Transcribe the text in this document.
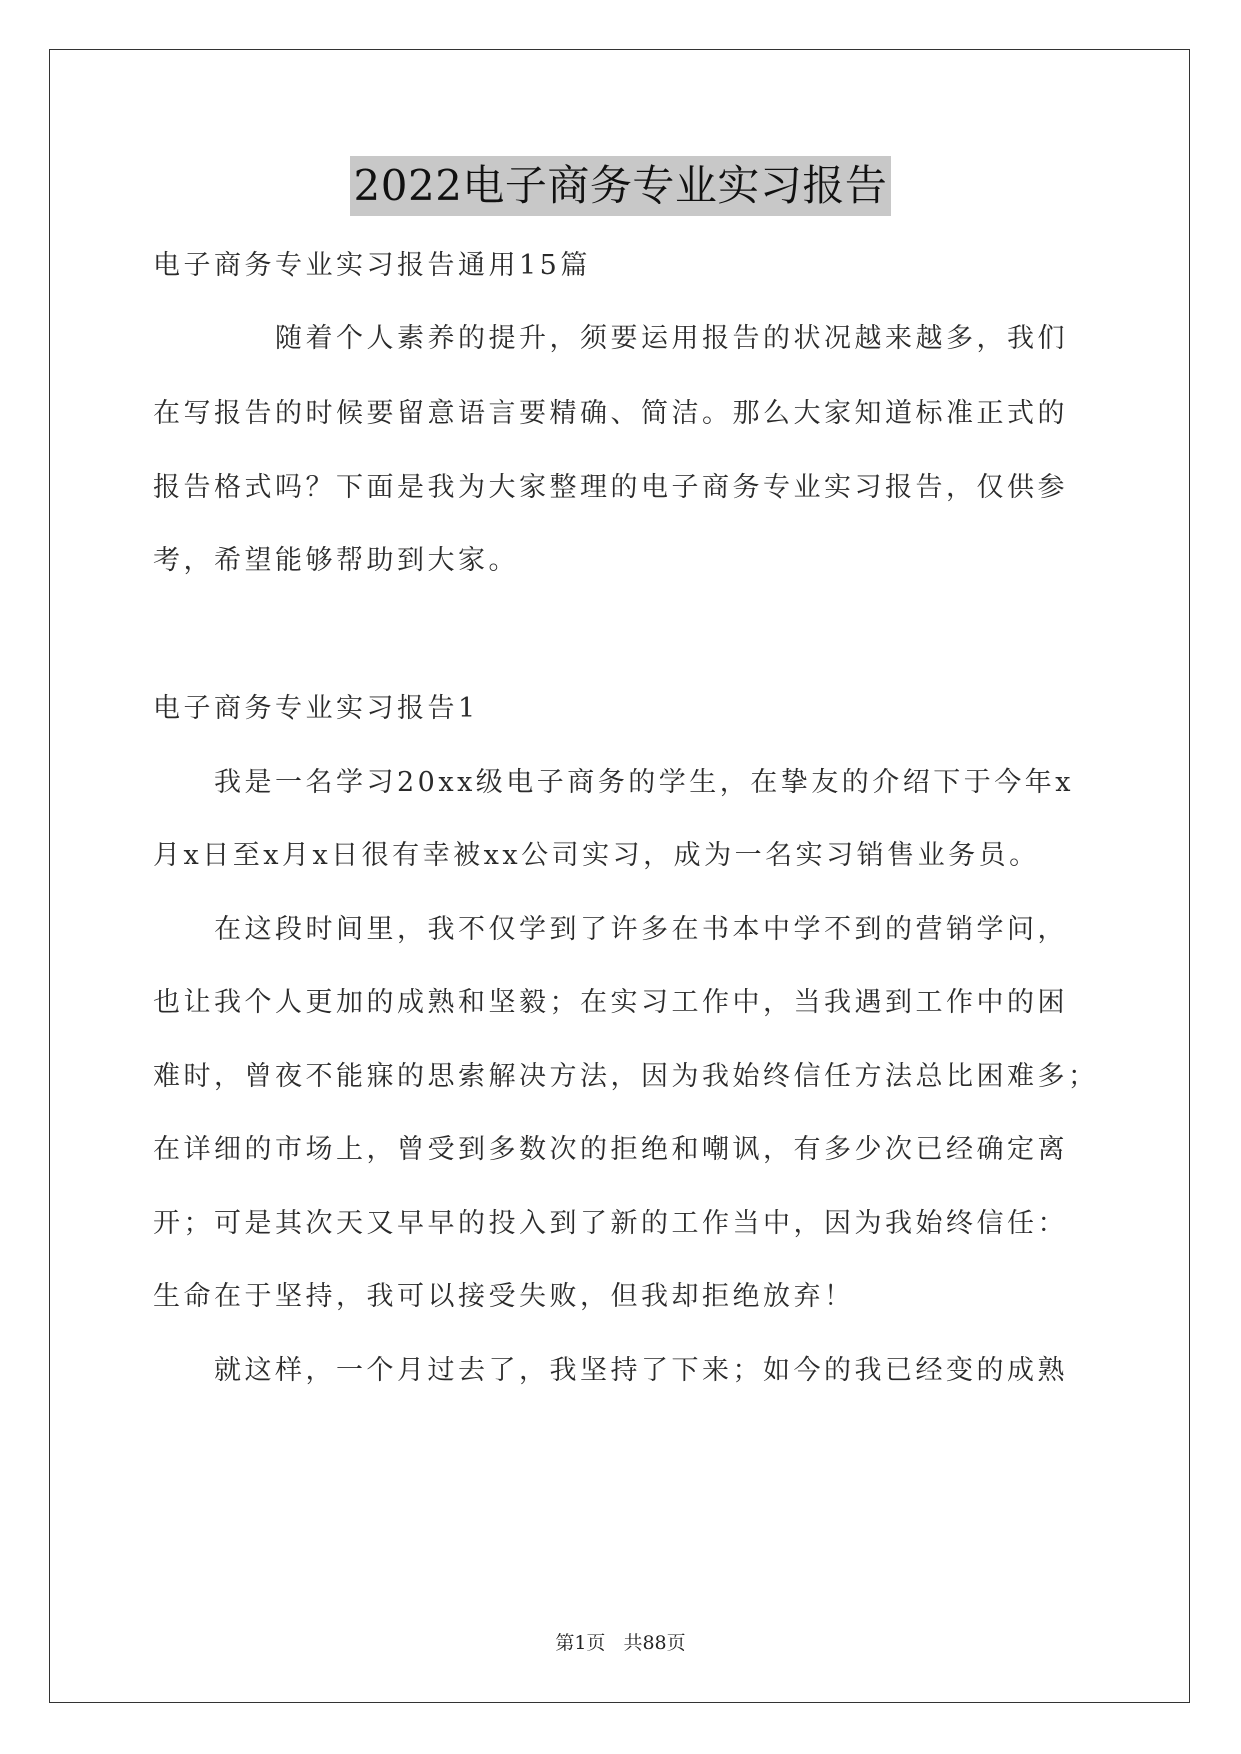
2022电子商务专业实习报告
电子商务专业实习报告通用15篇
　　　　随着个人素养的提升，须要运用报告的状况越来越多，我们
在写报告的时候要留意语言要精确、简洁。那么大家知道标准正式的
报告格式吗？下面是我为大家整理的电子商务专业实习报告，仅供参
考，希望能够帮助到大家。
电子商务专业实习报告1
　　我是一名学习20xx级电子商务的学生，在挚友的介绍下于今年x
月x日至x月x日很有幸被xx公司实习，成为一名实习销售业务员。
　　在这段时间里，我不仅学到了许多在书本中学不到的营销学问，
也让我个人更加的成熟和坚毅；在实习工作中，当我遇到工作中的困
难时，曾夜不能寐的思索解决方法，因为我始终信任方法总比困难多；
在详细的市场上，曾受到多数次的拒绝和嘲讽，有多少次已经确定离
开；可是其次天又早早的投入到了新的工作当中，因为我始终信任：
生命在于坚持，我可以接受失败，但我却拒绝放弃！
　　就这样，一个月过去了，我坚持了下来；如今的我已经变的成熟
第1页 共88页
